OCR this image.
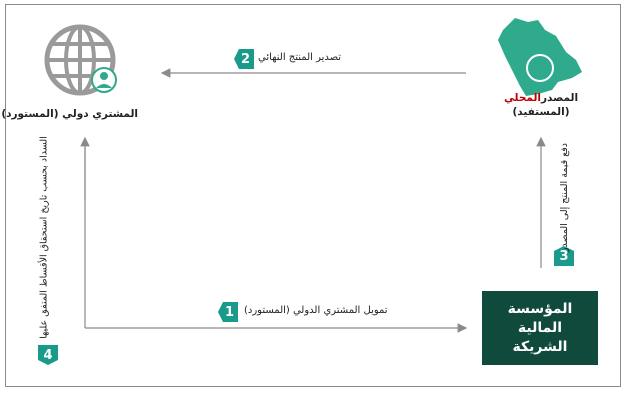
المشتري دولي (المستورد)
المصدرالمحلي
(المستفيد)
2 تصدير المنتج النهائي
1 تمويل المشتري الدولي (المستورد)
3
دفع قيمة المنتج إلى المصدر
4
السداد بحسب تاريخ استحقاق الأقساط المتفق عليها	المؤسسة
المالية
الشريكة
